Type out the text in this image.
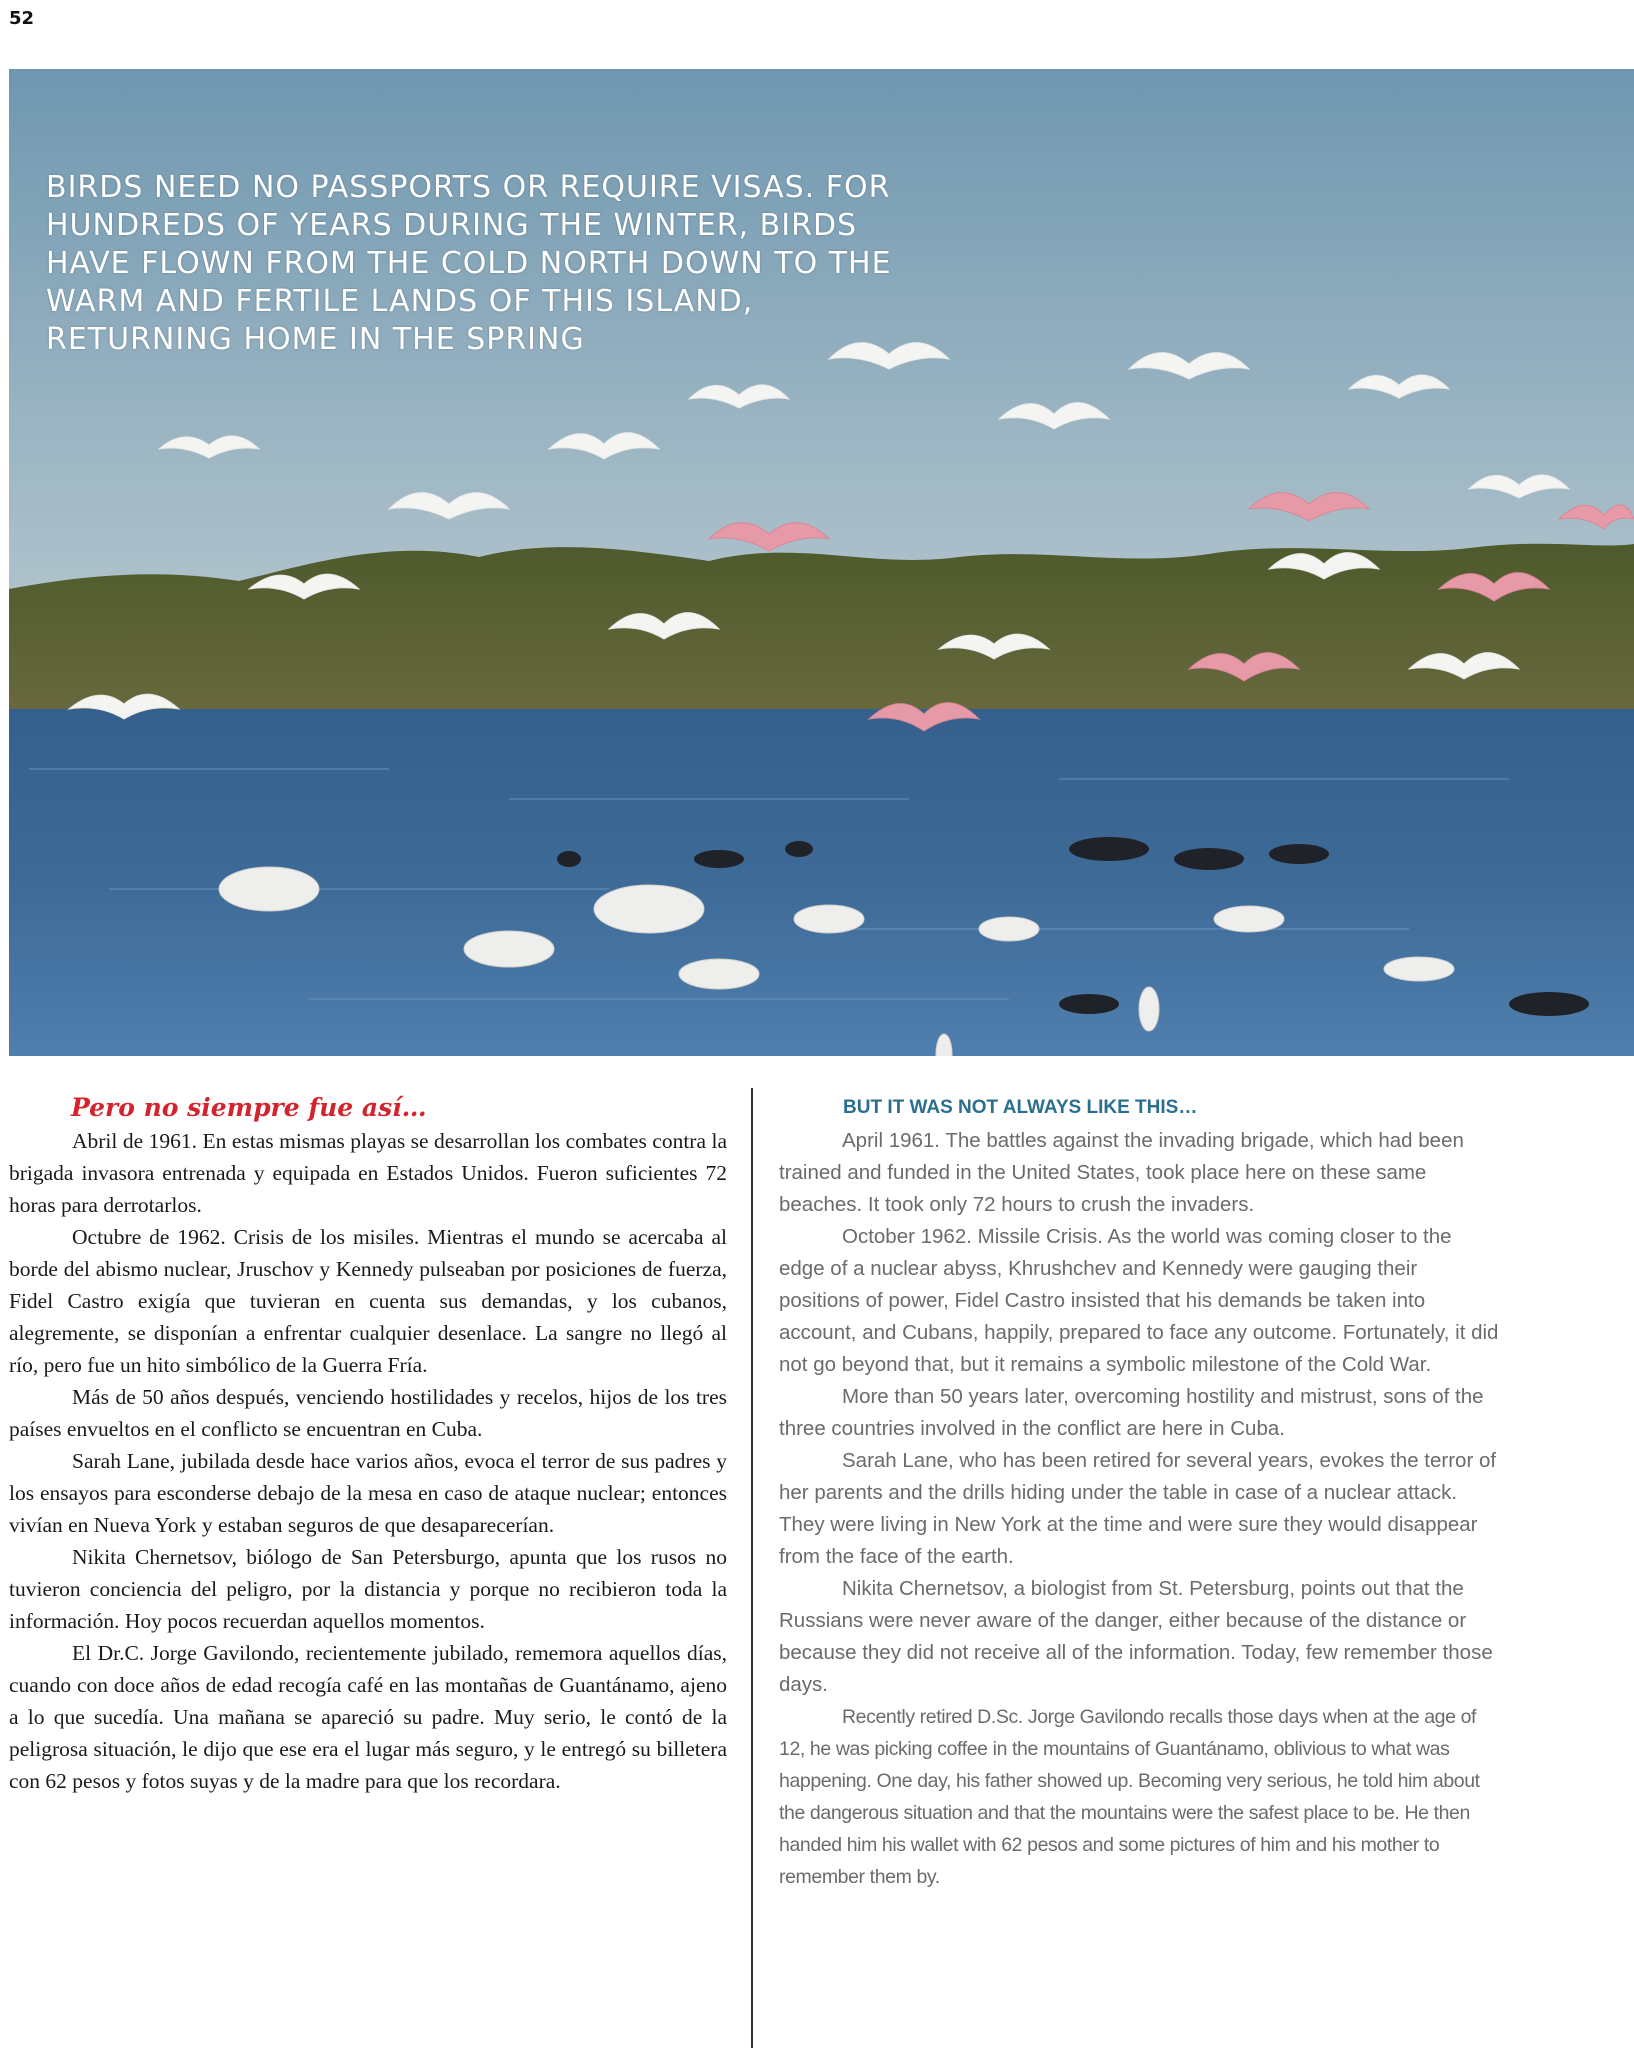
52
BIRDS NEED NO PASSPORTS OR REQUIRE VISAS. FOR HUNDREDS OF YEARS DURING THE WINTER, BIRDS HAVE FLOWN FROM THE COLD NORTH DOWN TO THE WARM AND FERTILE LANDS OF THIS ISLAND, RETURNING HOME IN THE SPRING
Pero no siempre fue así…

Abril de 1961. En estas mismas playas se desarrollan los combates contra la brigada invasora entrenada y equipada en Estados Unidos. Fueron suficientes 72 horas para derrotarlos.

Octubre de 1962. Crisis de los misiles. Mientras el mundo se acercaba al borde del abismo nuclear, Jruschov y Kennedy pulseaban por posiciones de fuerza, Fidel Castro exigía que tuvieran en cuenta sus demandas, y los cubanos, alegremente, se disponían a enfrentar cualquier desenlace. La sangre no llegó al río, pero fue un hito simbólico de la Guerra Fría.

Más de 50 años después, venciendo hostilidades y recelos, hijos de los tres países envueltos en el conflicto se encuentran en Cuba.

Sarah Lane, jubilada desde hace varios años, evoca el terror de sus padres y los ensayos para esconderse debajo de la mesa en caso de ataque nuclear; entonces vivían en Nueva York y estaban seguros de que desaparecerían.

Nikita Chernetsov, biólogo de San Petersburgo, apunta que los rusos no tuvieron conciencia del peligro, por la distancia y porque no recibieron toda la información. Hoy pocos recuerdan aquellos momentos.

El Dr.C. Jorge Gavilondo, recientemente jubilado, rememora aquellos días, cuando con doce años de edad recogía café en las montañas de Guantánamo, ajeno a lo que sucedía. Una mañana se apareció su padre. Muy serio, le contó de la peligrosa situación, le dijo que ese era el lugar más seguro, y le entregó su billetera con 62 pesos y fotos suyas y de la madre para que los recordara.

BUT IT WAS NOT ALWAYS LIKE THIS…

April 1961. The battles against the invading brigade, which had been trained and funded in the United States, took place here on these same beaches. It took only 72 hours to crush the invaders.

October 1962. Missile Crisis. As the world was coming closer to the edge of a nuclear abyss, Khrushchev and Kennedy were gauging their positions of power, Fidel Castro insisted that his demands be taken into account, and Cubans, happily, prepared to face any outcome. Fortunately, it did not go beyond that, but it remains a symbolic milestone of the Cold War.

More than 50 years later, overcoming hostility and mistrust, sons of the three countries involved in the conflict are here in Cuba.

Sarah Lane, who has been retired for several years, evokes the terror of her parents and the drills hiding under the table in case of a nuclear attack. They were living in New York at the time and were sure they would disappear from the face of the earth.

Nikita Chernetsov, a biologist from St. Petersburg, points out that the Russians were never aware of the danger, either because of the distance or because they did not receive all of the information. Today, few remember those days.

Recently retired D.Sc. Jorge Gavilondo recalls those days when at the age of 12, he was picking coffee in the mountains of Guantánamo, oblivious to what was happening. One day, his father showed up. Becoming very serious, he told him about the dangerous situation and that the mountains were the safest place to be. He then handed him his wallet with 62 pesos and some pictures of him and his mother to remember them by.
